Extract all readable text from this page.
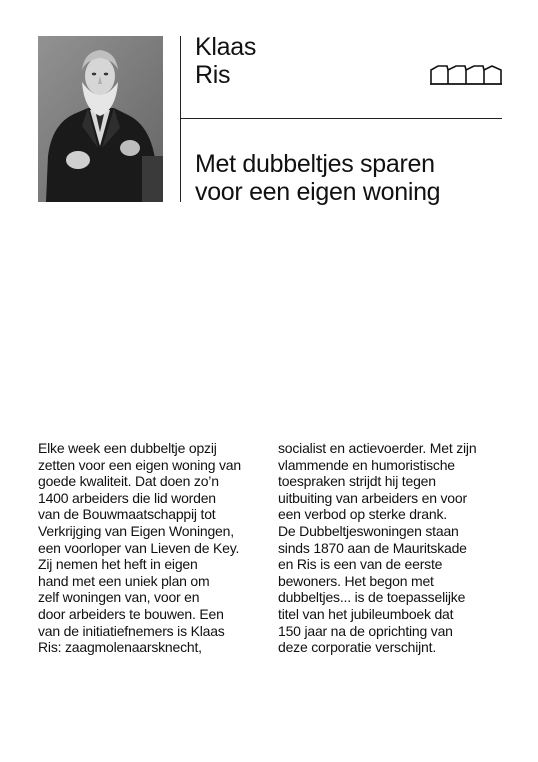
Klaas
Ris
Met dubbeltjes sparen
voor een eigen woning
Elke week een dubbeltje opzij
zetten voor een eigen woning van
goede kwaliteit. Dat doen zo’n
1400 arbeiders die lid worden
van de Bouwmaatschappij tot
Verkrijging van Eigen Woningen,
een voorloper van Lieven de Key.
Zij nemen het heft in eigen
hand met een uniek plan om
zelf woningen van, voor en
door arbeiders te bouwen. Een
van de initiatiefnemers is Klaas
Ris: zaagmolenaarsknecht,
socialist en actievoerder. Met zijn
vlammende en humoristische
toespraken strijdt hij tegen
uitbuiting van arbeiders en voor
een verbod op sterke drank.
De Dubbeltjeswoningen staan
sinds 1870 aan de Mauritskade
en Ris is een van de eerste
bewoners. Het begon met
dubbeltjes... is de toepasselijke
titel van het jubileumboek dat
150 jaar na de oprichting van
deze corporatie verschijnt.
